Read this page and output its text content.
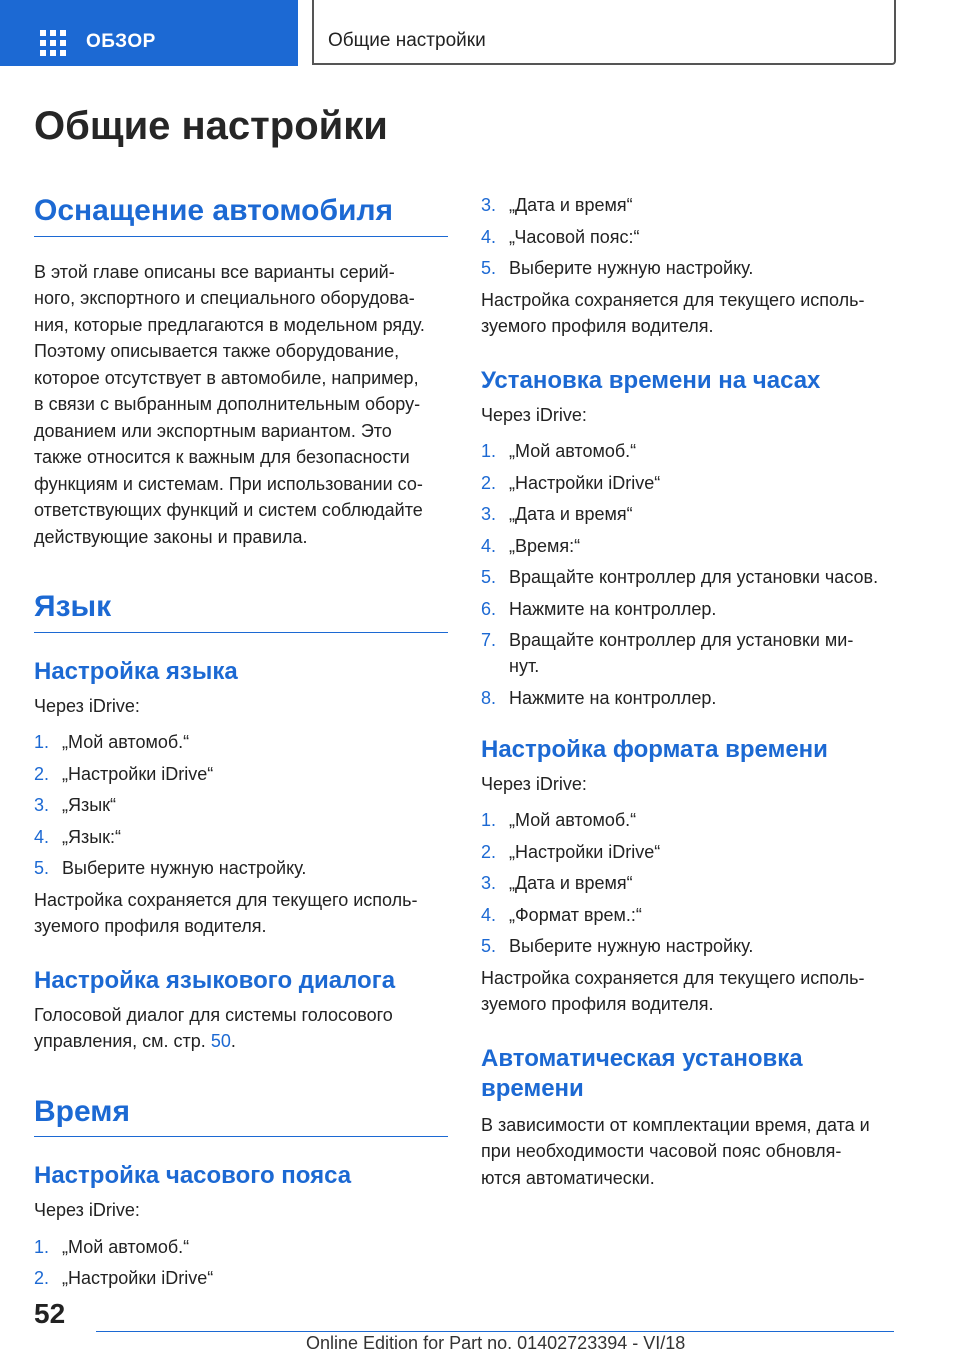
ОБЗОР	Общие настройки
Общие настройки
Оснащение автомобиля

В этой главе описаны все варианты серий-
ного, экспортного и специального оборудова-
ния, которые предлагаются в модельном ряду.
Поэтому описывается также оборудование,
которое отсутствует в автомобиле, например,
в связи с выбранным дополнительным обору-
дованием или экспортным вариантом. Это
также относится к важным для безопасности
функциям и системам. При использовании со-
ответствующих функций и систем соблюдайте
действующие законы и правила.

Язык
Настройка языка

Через iDrive:

1. „Мой автомоб.“
2. „Настройки iDrive“
3. „Язык“
4. „Язык:“
5. Выберите нужную настройку.

Настройка сохраняется для текущего исполь-
зуемого профиля водителя.

Настройка языкового диалога

Голосовой диалог для системы голосового
управления, см. стр. 50.

Время
Настройка часового пояса

Через iDrive:

1. „Мой автомоб.“
2. „Настройки iDrive“
3. „Дата и время“
4. „Часовой пояс:“
5. Выберите нужную настройку.

Настройка сохраняется для текущего исполь-
зуемого профиля водителя.

Установка времени на часах

Через iDrive:

1. „Мой автомоб.“
2. „Настройки iDrive“
3. „Дата и время“
4. „Время:“
5. Вращайте контроллер для установки часов.
6. Нажмите на контроллер.
7. Вращайте контроллер для установки ми-
нут.
8. Нажмите на контроллер.
Настройка формата времени

Через iDrive:

1. „Мой автомоб.“
2. „Настройки iDrive“
3. „Дата и время“
4. „Формат врем.:“
5. Выберите нужную настройку.

Настройка сохраняется для текущего исполь-
зуемого профиля водителя.

Автоматическая установка
времени

В зависимости от комплектации время, дата и
при необходимости часовой пояс обновля-
ются автоматически.

52
Online Edition for Part no. 01402723394 - VI/18
